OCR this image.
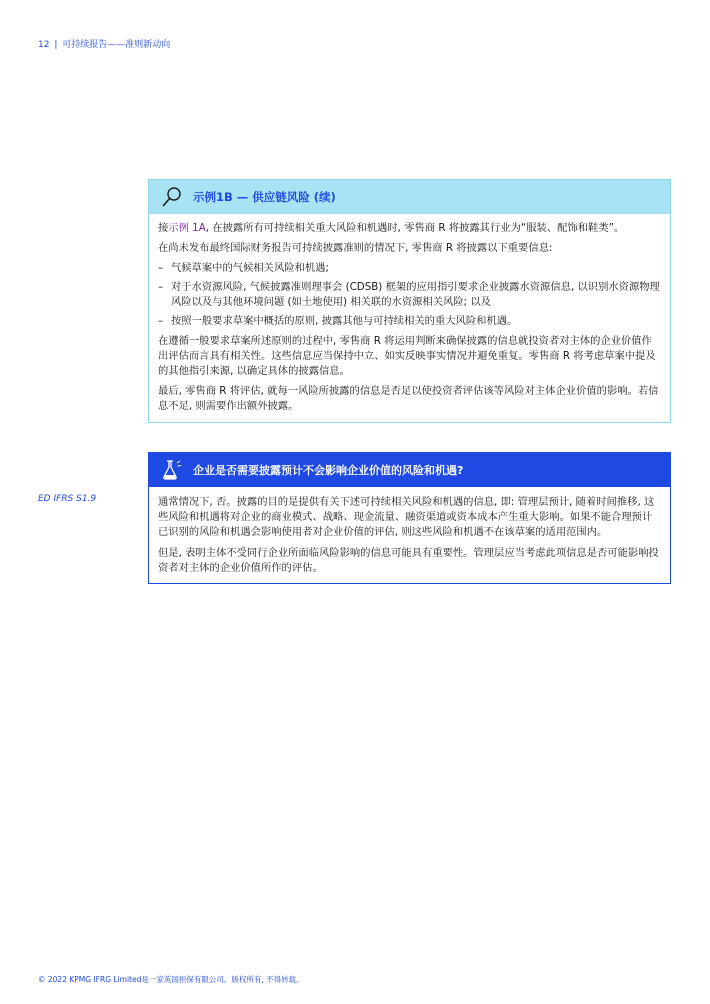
12 | 可持续报告——准则新动向
示例1B — 供应链风险 (续)

接示例 1A, 在披露所有可持续相关重大风险和机遇时, 零售商 R 将披露其行业为“服装、配饰和鞋类”。

在尚未发布最终国际财务报告可持续披露准则的情况下, 零售商 R 将披露以下重要信息:

– 气候草案中的气候相关风险和机遇;
– 对于水资源风险, 气候披露准则理事会 (CDSB) 框架的应用指引要求企业披露水资源信息, 以识别水资源物理风险以及与其他环境问题 (如土地使用) 相关联的水资源相关风险; 以及
– 按照一般要求草案中概括的原则, 披露其他与可持续相关的重大风险和机遇。

在遵循一般要求草案所述原则的过程中, 零售商 R 将运用判断来确保披露的信息就投资者对主体的企业价值作出评估而言具有相关性。这些信息应当保持中立、如实反映事实情况并避免重复。零售商 R 将考虑草案中提及的其他指引来源, 以确定具体的披露信息。

最后, 零售商 R 将评估, 就每一风险所披露的信息是否足以使投资者评估该等风险对主体企业价值的影响。若信息不足, 则需要作出额外披露。

ED IFRS S1.9
企业是否需要披露预计不会影响企业价值的风险和机遇?

通常情况下, 否。披露的目的是提供有关下述可持续相关风险和机遇的信息, 即: 管理层预计, 随着时间推移, 这些风险和机遇将对企业的商业模式、战略、现金流量、融资渠道或资本成本产生重大影响。如果不能合理预计已识别的风险和机遇会影响使用者对企业价值的评估, 则这些风险和机遇不在该草案的适用范围内。

但是, 表明主体不受同行企业所面临风险影响的信息可能具有重要性。管理层应当考虑此项信息是否可能影响投资者对主体的企业价值所作的评估。

© 2022 KPMG IFRG Limited是一家英国担保有限公司。版权所有, 不得转载。
